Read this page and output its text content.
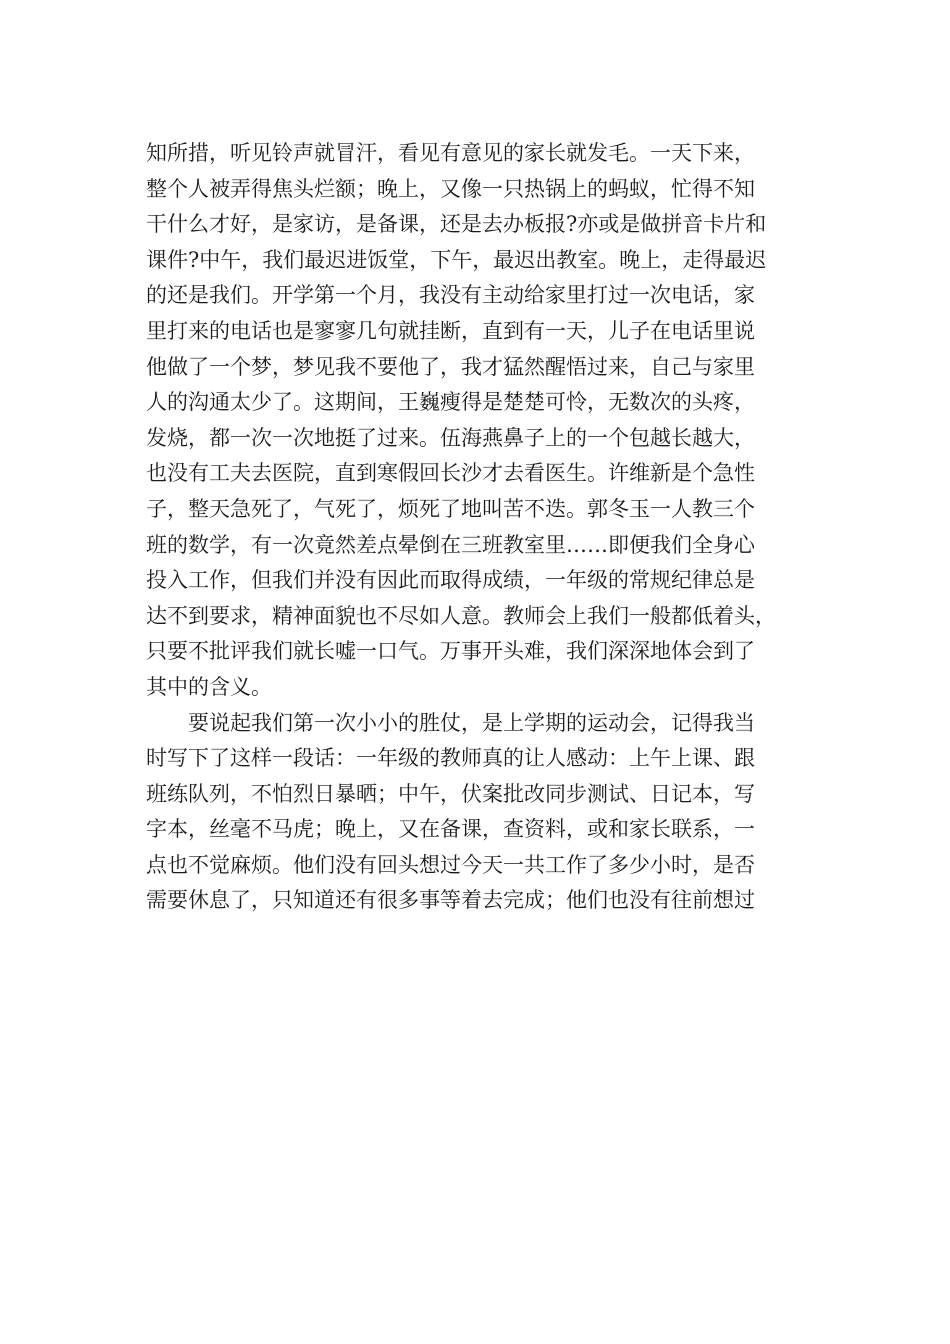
知所措，听见铃声就冒汗，看见有意见的家长就发毛。一天下来，
整个人被弄得焦头烂额；晚上，又像一只热锅上的蚂蚁，忙得不知
干什么才好，是家访，是备课，还是去办板报?亦或是做拼音卡片和
课件?中午，我们最迟进饭堂，下午，最迟出教室。晚上，走得最迟
的还是我们。开学第一个月，我没有主动给家里打过一次电话，家
里打来的电话也是寥寥几句就挂断，直到有一天，儿子在电话里说
他做了一个梦，梦见我不要他了，我才猛然醒悟过来，自己与家里
人的沟通太少了。这期间，王巍瘦得是楚楚可怜，无数次的头疼，
发烧，都一次一次地挺了过来。伍海燕鼻子上的一个包越长越大，
也没有工夫去医院，直到寒假回长沙才去看医生。许维新是个急性
子，整天急死了，气死了，烦死了地叫苦不迭。郭冬玉一人教三个
班的数学，有一次竟然差点晕倒在三班教室里……即便我们全身心
投入工作，但我们并没有因此而取得成绩，一年级的常规纪律总是
达不到要求，精神面貌也不尽如人意。教师会上我们一般都低着头，
只要不批评我们就长嘘一口气。万事开头难，我们深深地体会到了
其中的含义。
要说起我们第一次小小的胜仗，是上学期的运动会，记得我当
时写下了这样一段话：一年级的教师真的让人感动：上午上课、跟
班练队列，不怕烈日暴晒；中午，伏案批改同步测试、日记本，写
字本，丝毫不马虎；晚上，又在备课，查资料，或和家长联系，一
点也不觉麻烦。他们没有回头想过今天一共工作了多少小时，是否
需要休息了，只知道还有很多事等着去完成；他们也没有往前想过
